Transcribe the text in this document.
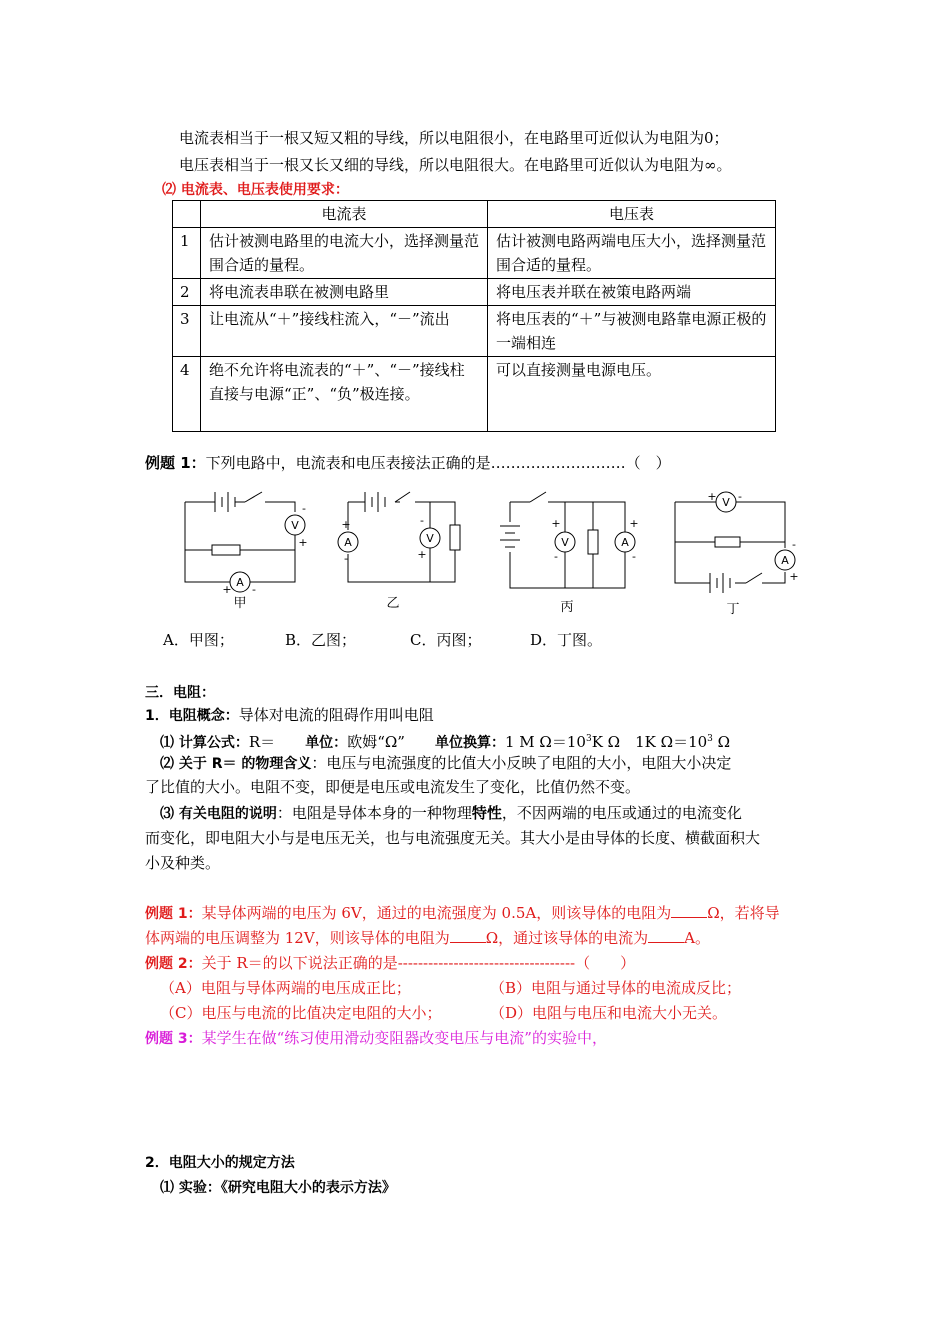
电流表相当于一根又短又粗的导线，所以电阻很小，在电路里可近似认为电阻为0；
电压表相当于一根又长又细的导线，所以电阻很大。在电路里可近似认为电阻为∞。
⑵ 电流表、电压表使用要求：
	电流表	电压表
1	估计被测电路里的电流大小，选择测量范围合适的量程。	估计被测电路两端电压大小，选择测量范围合适的量程。
2	将电流表串联在被测电路里	将电压表并联在被策电路两端
3	让电流从“＋”接线柱流入，“－”流出	将电压表的“＋”与被测电路靠电源正极的一端相连
4	绝不允许将电流表的“＋”、“－”接线柱直接与电源“正”、“负”极连接。	可以直接测量电源电压。
例题 1：下列电路中，电流表和电压表接法正确的是………………………（　）
V
A
A	V	V	A
V
A
-
+
+ -
+
-
-
+
+
-
+
-
+ -
-
+
甲	乙	丙	丁
A．甲图；	B．乙图；	C．丙图；	D．丁图。
三．电阻：
1．电阻概念：导体对电流的阻碍作用叫电阻
⑴ 计算公式：R＝　　 单位：欧姆“Ω”　　 单位换算：1 M $\Omega=10^3K$ Ω　 1K $\Omega=10^3$ Ω
⑵ 关于 R＝ 的物理含义：电压与电流强度的比值大小反映了电阻的大小，电阻大小决定
了比值的大小。电阻不变，即便是电压或电流发生了变化，比值仍然不变。
⑶ 有关电阻的说明：电阻是导体本身的一种物理特性，不因两端的电压或通过的电流变化
而变化，即电阻大小与是电压无关，也与电流强度无关。其大小是由导体的长度、横截面积大
小及种类。
例题 1：某导体两端的电压为 6V，通过的电流强度为 0.5A，则该导体的电阻为 Ω，若将导
体两端的电压调整为 12V，则该导体的电阻为 Ω，通过该导体的电流为 A。
例题 2：关于 R＝的以下说法正确的是-----------------------------------（　　）
（A）电阻与导体两端的电压成正比；	（B）电阻与通过导体的电流成反比；
（C）电压与电流的比值决定电阻的大小；	（D）电阻与电压和电流大小无关。
例题 3：某学生在做“练习使用滑动变阻器改变电压与电流”的实验中，
2．电阻大小的规定方法
⑴ 实验：《研究电阻大小的表示方法》
